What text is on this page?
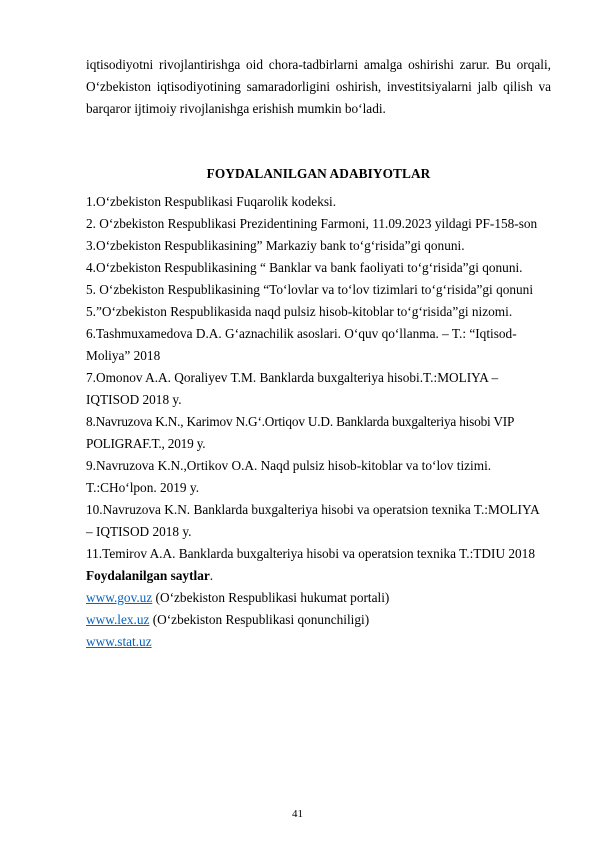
iqtisodiyotni rivojlantirishga oid chora-tadbirlarni amalga oshirishi zarur. Bu orqali, O‘zbekiston iqtisodiyotining samaradorligini oshirish, investitsiyalarni jalb qilish va barqaror ijtimoiy rivojlanishga erishish mumkin bo‘ladi.

FOYDALANILGAN ADABIYOTLAR
1.O‘zbekiston Respublikasi Fuqarolik kodeksi.
2. O‘zbekiston Respublikasi Prezidentining Farmoni, 11.09.2023 yildagi PF-158-son
3.O‘zbekiston Respublikasining” Markaziy bank to‘g‘risida”gi qonuni.
4.O‘zbekiston Respublikasining “ Banklar va bank faoliyati to‘g‘risida”gi qonuni.
5. O‘zbekiston Respublikasining “To‘lovlar va to‘lov tizimlari to‘g‘risida”gi qonuni
5.”O‘zbekiston Respublikasida naqd pulsiz hisob-kitoblar to‘g‘risida”gi nizomi.
6.Tashmuxamedova D.A. G‘aznachilik asoslari. O‘quv qo‘llanma. – T.: “Iqtisod-Moliya” 2018
7.Omonov A.A. Qoraliyev T.M. Banklarda buxgalteriya hisobi.T.:MOLIYA – IQTISOD 2018 y.
8.Navruzova K.N., Karimov N.G‘.Ortiqov U.D. Banklarda buxgalteriya hisobi VIP POLIGRAF.T., 2019 y.
9.Navruzova K.N.,Ortikov O.A. Naqd pulsiz hisob-kitoblar va to‘lov tizimi. T.:CHo‘lpon. 2019 y.
10.Navruzova K.N. Banklarda buxgalteriya hisobi va operatsion texnika T.:MOLIYA – IQTISOD 2018 y.
11.Temirov A.A. Banklarda buxgalteriya hisobi va operatsion texnika T.:TDIU 2018

Foydalanilgan saytlar.

www.gov.uz (O‘zbekiston Respublikasi hukumat portali)
www.lex.uz (O‘zbekiston Respublikasi qonunchiligi)
www.stat.uz
41
